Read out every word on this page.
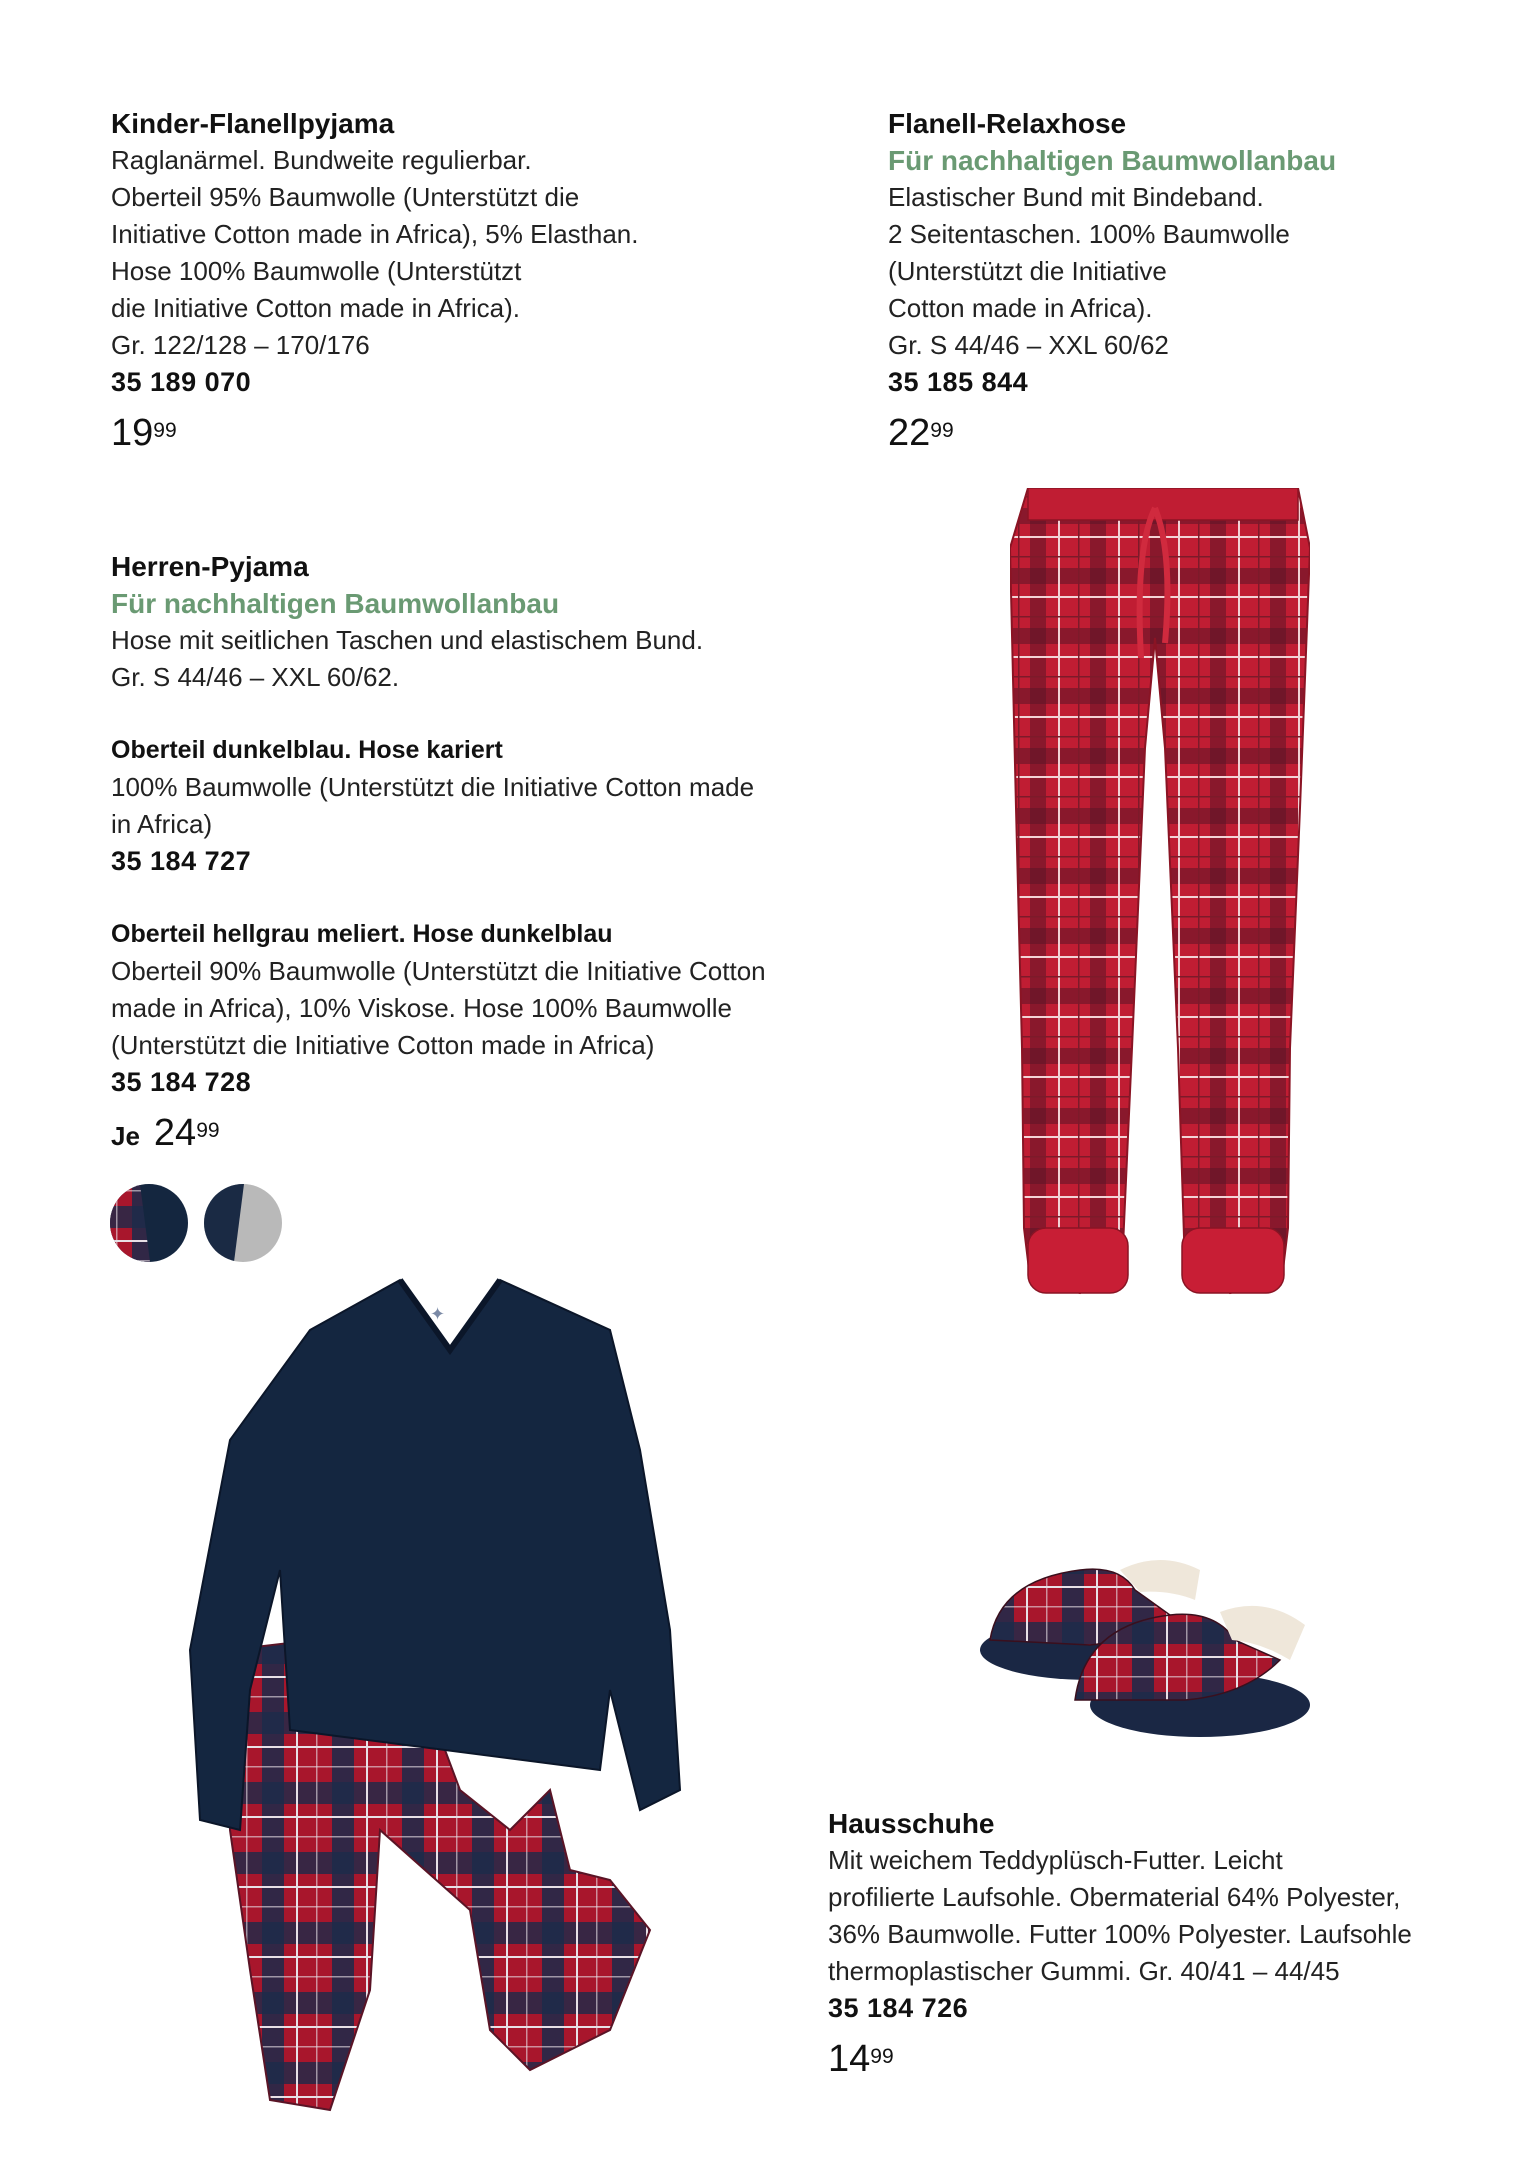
Kinder-Flanellpyjama
Raglanärmel. Bundweite regulierbar.
Oberteil 95% Baumwolle (Unterstützt die
Initiative Cotton made in Africa), 5% Elasthan.
Hose 100% Baumwolle (Unterstützt
die Initiative Cotton made in Africa).
Gr. 122/128 – 170/176
35 189 070
$19^{99}$
Flanell-Relaxhose
Für nachhaltigen Baumwollanbau
Elastischer Bund mit Bindeband.
2 Seitentaschen. 100% Baumwolle
(Unterstützt die Initiative
Cotton made in Africa).
Gr. S 44/46 – XXL 60/62
35 185 844
$22^{99}$
Herren-Pyjama
Für nachhaltigen Baumwollanbau
Hose mit seitlichen Taschen und elastischem Bund.
Gr. S 44/46 – XXL 60/62.
Oberteil dunkelblau. Hose kariert
100% Baumwolle (Unterstützt die Initiative Cotton made
in Africa)
35 184 727
Oberteil hellgrau meliert. Hose dunkelblau
Oberteil 90% Baumwolle (Unterstützt die Initiative Cotton
made in Africa), 10% Viskose. Hose 100% Baumwolle
(Unterstützt die Initiative Cotton made in Africa)
35 184 728
Je $24^{99}$
✦
Hausschuhe
Mit weichem Teddyplüsch-Futter. Leicht
profilierte Laufsohle. Obermaterial 64% Polyester,
36% Baumwolle. Futter 100% Polyester. Laufsohle
thermoplastischer Gummi. Gr. 40/41 – 44/45
35 184 726
$14^{99}$
